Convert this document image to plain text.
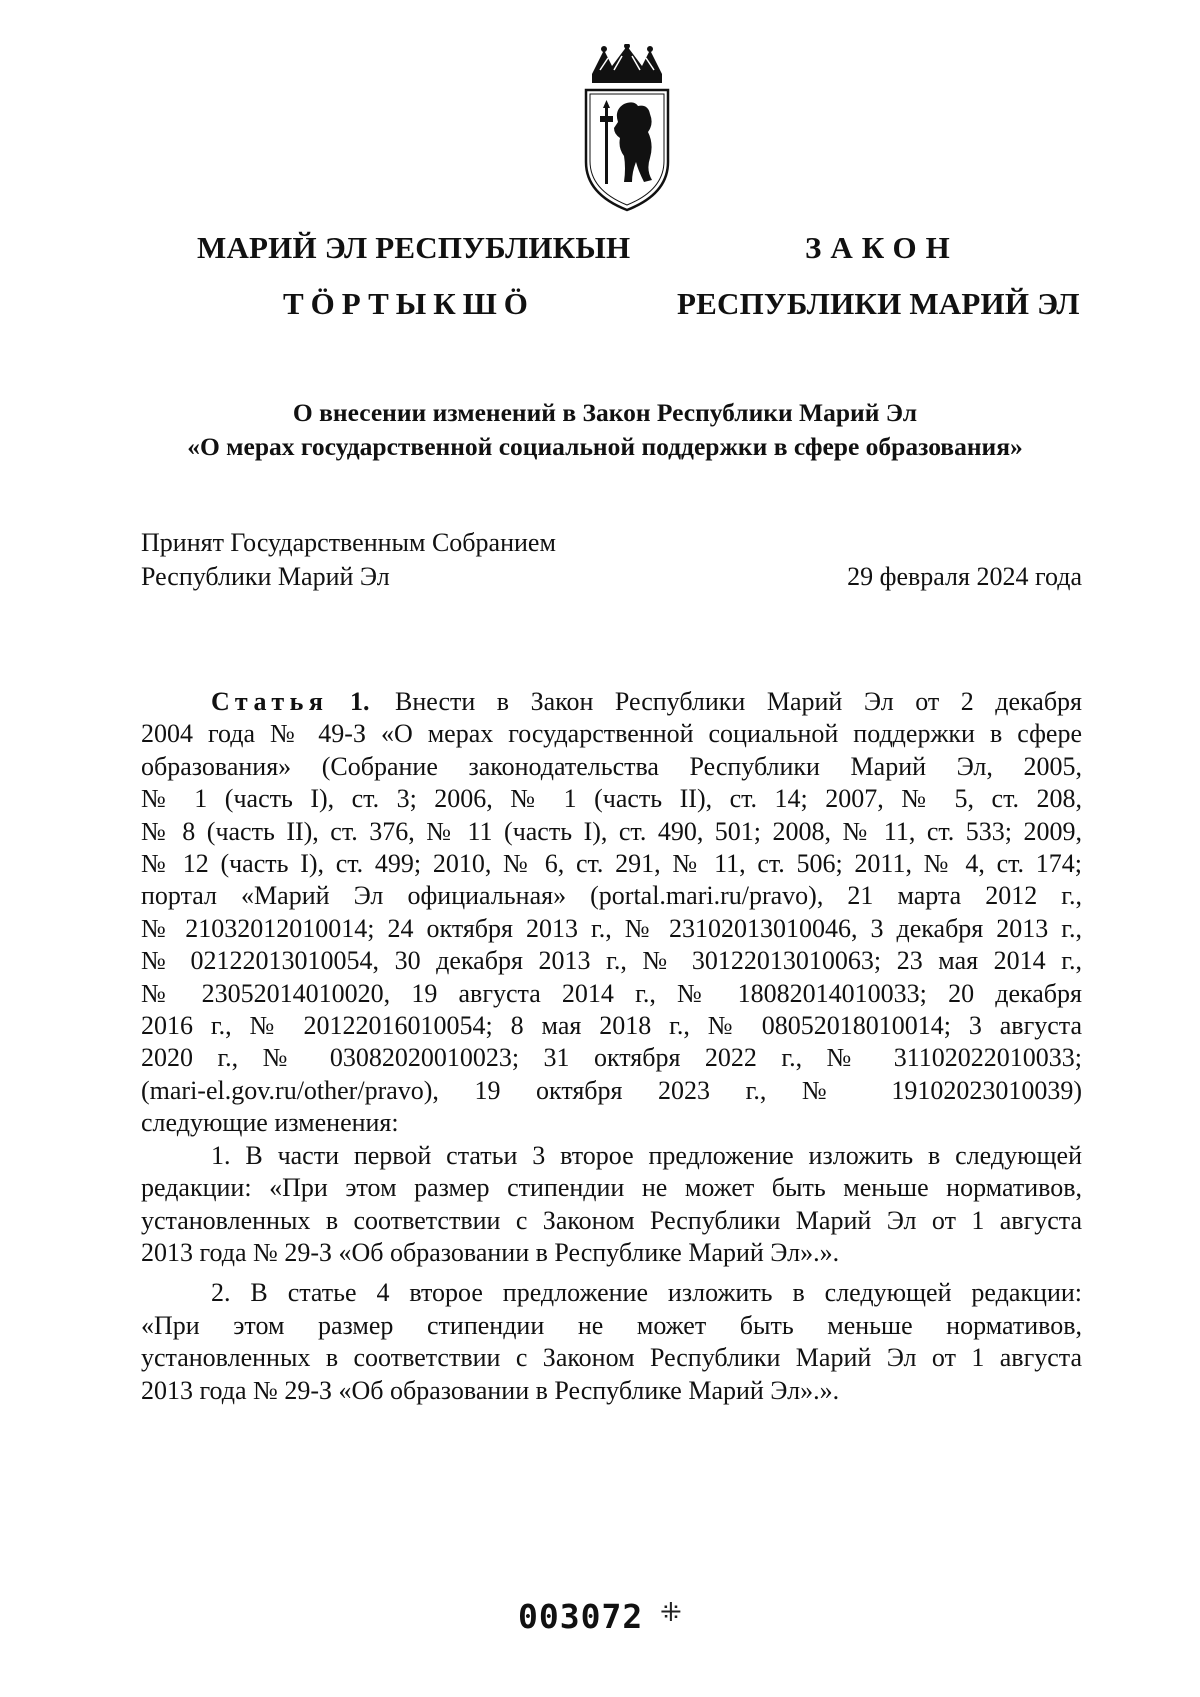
МАРИЙ ЭЛ РЕСПУБЛИКЫН
ТӦРТЫКШӦ
ЗАКОН
РЕСПУБЛИКИ МАРИЙ ЭЛ
О внесении изменений в Закон Республики Марий Эл
«О мерах государственной социальной поддержки в сфере образования»
Принят Государственным Собранием
Республики Марий Эл	29 февраля 2024 года

Статья 1. Внести в Закон Республики Марий Эл от 2 декабря

2004 года № 49-З «О мерах государственной социальной поддержки в сфере

образования» (Собрание законодательства Республики Марий Эл, 2005,

№ 1 (часть I), ст. 3; 2006, № 1 (часть II), ст. 14; 2007, № 5, ст. 208,

№ 8 (часть II), ст. 376, № 11 (часть I), ст. 490, 501; 2008, № 11, ст. 533; 2009,

№ 12 (часть I), ст. 499; 2010, № 6, ст. 291, № 11, ст. 506; 2011, № 4, ст. 174;

портал «Марий Эл официальная» (portal.mari.ru/pravo), 21 марта 2012 г.,

№ 21032012010014; 24 октября 2013 г., № 23102013010046, 3 декабря 2013 г.,

№ 02122013010054, 30 декабря 2013 г., № 30122013010063; 23 мая 2014 г.,

№ 23052014010020, 19 августа 2014 г., № 18082014010033; 20 декабря

2016 г., № 20122016010054; 8 мая 2018 г., № 08052018010014; 3 августа

2020 г., № 03082020010023; 31 октября 2022 г., № 31102022010033;

(mari-el.gov.ru/other/pravo), 19 октября 2023 г., № 19102023010039)

следующие изменения:

1. В части первой статьи 3 второе предложение изложить в следующей

редакции: «При этом размер стипендии не может быть меньше нормативов,

установленных в соответствии с Законом Республики Марий Эл от 1 августа

2013 года № 29-З «Об образовании в Республике Марий Эл».».

2. В статье 4 второе предложение изложить в следующей редакции:

«При этом размер стипендии не может быть меньше нормативов,

установленных в соответствии с Законом Республики Марий Эл от 1 августа

2013 года № 29-З «Об образовании в Республике Марий Эл».».

003072 ⁜
